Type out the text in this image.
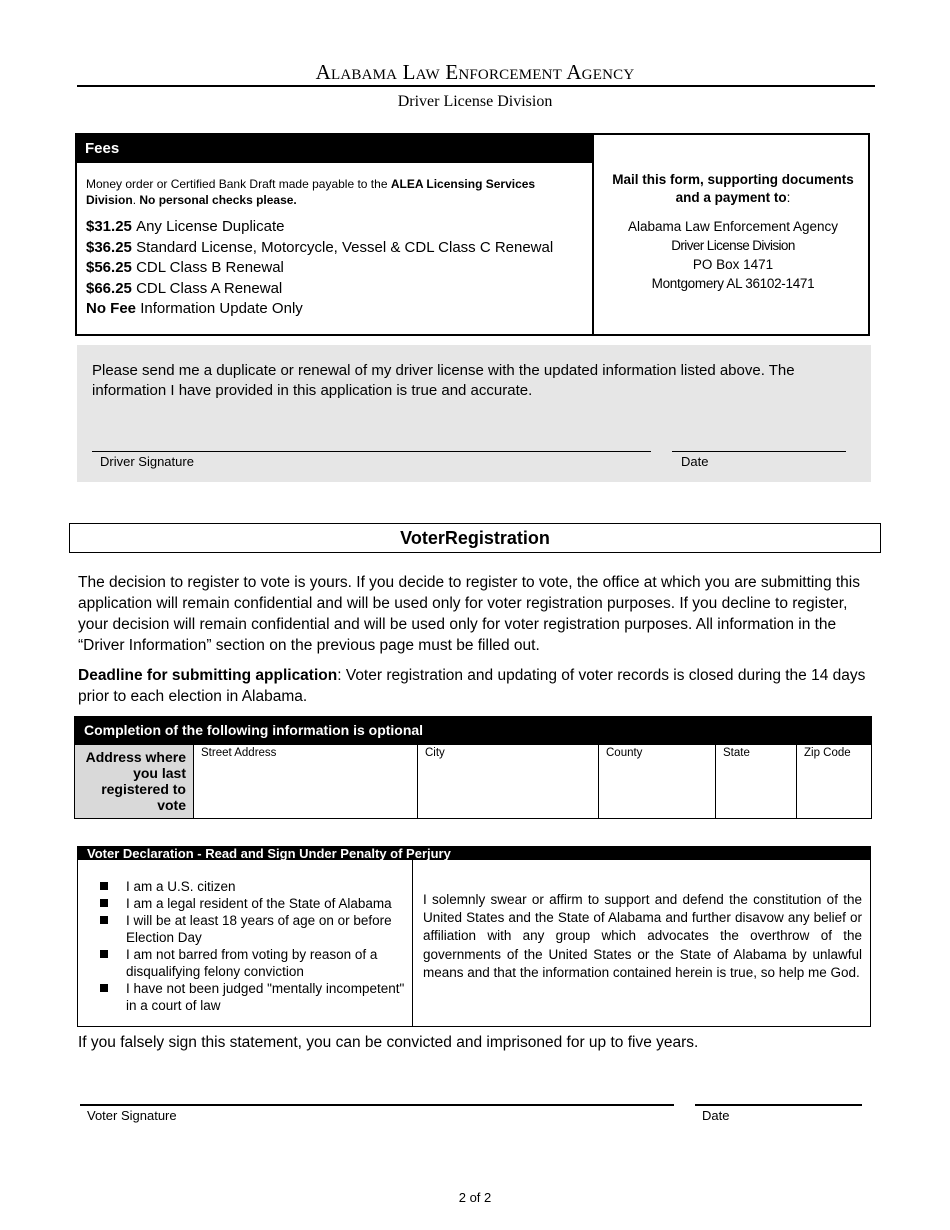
Alabama Law Enforcement Agency
Driver License Division
Fees
Money order or Certified Bank Draft made payable to the ALEA Licensing Services Division. No personal checks please.
$31.25 Any License Duplicate
$36.25 Standard License, Motorcycle, Vessel & CDL Class C Renewal
$56.25 CDL Class B Renewal
$66.25 CDL Class A Renewal
No Fee Information Update Only
Mail this form, supporting documents and a payment to:
Alabama Law Enforcement Agency
Driver License Division
PO Box 1471
Montgomery AL 36102-1471
Please send me a duplicate or renewal of my driver license with the updated information listed above. The information I have provided in this application is true and accurate.
Driver Signature	Date
VoterRegistration
The decision to register to vote is yours. If you decide to register to vote, the office at which you are submitting this application will remain confidential and will be used only for voter registration purposes. If you decline to register, your decision will remain confidential and will be used only for voter registration purposes. All information in the “Driver Information” section on the previous page must be filled out.
Deadline for submitting application: Voter registration and updating of voter records is closed during the 14 days prior to each election in Alabama.
Completion of the following information is optional
Address where you last registered to vote
Street Address	City	County	State	Zip Code
Voter Declaration - Read and Sign Under Penalty of Perjury
I am a U.S. citizen
I am a legal resident of the State of Alabama
I will be at least 18 years of age on or before Election Day
I am not barred from voting by reason of a disqualifying felony conviction
I have not been judged "mentally incompetent" in a court of law
I solemnly swear or affirm to support and defend the constitution of the United States and the State of Alabama and further disavow any belief or affiliation with any group which advocates the overthrow of the governments of the United States or the State of Alabama by unlawful means and that the information contained herein is true, so help me God.
If you falsely sign this statement, you can be convicted and imprisoned for up to five years.
Voter Signature	Date
2 of 2
